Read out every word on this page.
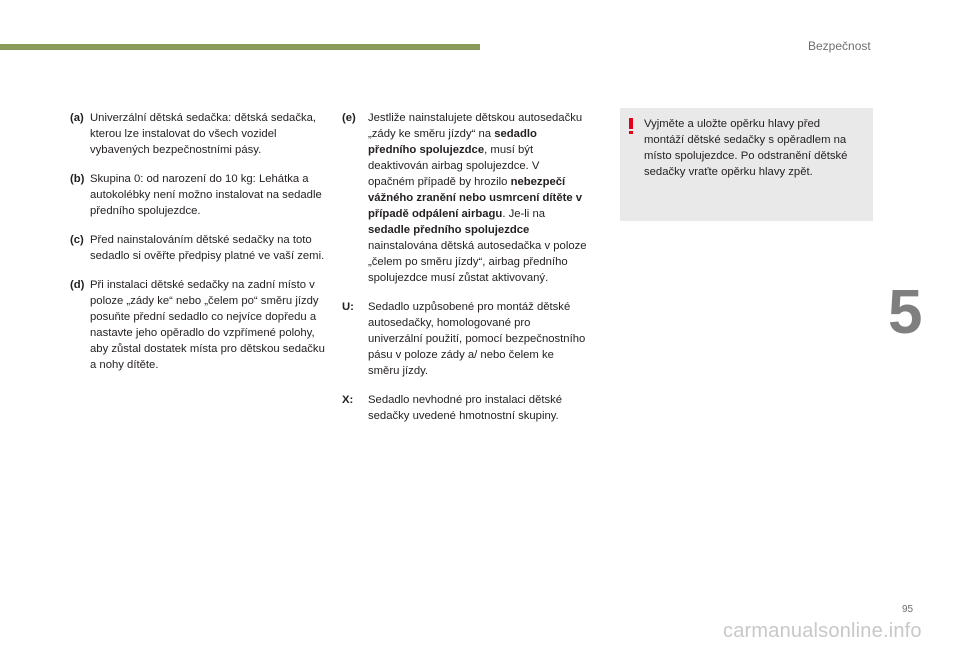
Bezpečnost
5
(a) Univerzální dětská sedačka: dětská sedačka, kterou lze instalovat do všech vozidel vybavených bezpečnostními pásy.

(b) Skupina 0: od narození do 10 kg: Lehátka a autokolébky není možno instalovat na sedadle předního spolujezdce.

(c) Před nainstalováním dětské sedačky na toto sedadlo si ověřte předpisy platné ve vaší zemi.

(d) Při instalaci dětské sedačky na zadní místo v poloze „zády ke“ nebo „čelem po“ směru jízdy posuňte přední sedadlo co nejvíce dopředu a nastavte jeho opěradlo do vzpřímené polohy, aby zůstal dostatek místa pro dětskou sedačku a nohy dítěte.

(e) Jestliže nainstalujete dětskou autosedačku „zády ke směru jízdy“ na sedadlo předního spolujezdce, musí být deaktivován airbag spolujezdce. V opačném případě by hrozilo nebezpečí vážného zranění nebo usmrcení dítěte v případě odpálení airbagu. Je-li na sedadle předního spolujezdce nainstalována dětská autosedačka v poloze „čelem po směru jízdy“, airbag předního spolujezdce musí zůstat aktivovaný.

U: Sedadlo uzpůsobené pro montáž dětské autosedačky, homologované pro univerzální použití, pomocí bezpečnostního pásu v poloze zády a/ nebo čelem ke směru jízdy.

X: Sedadlo nevhodné pro instalaci dětské sedačky uvedené hmotnostní skupiny.

Vyjměte a uložte opěrku hlavy před montáží dětské sedačky s opěradlem na místo spolujezdce. Po odstranění dětské sedačky vraťte opěrku hlavy zpět.
95
carmanualsonline.info
